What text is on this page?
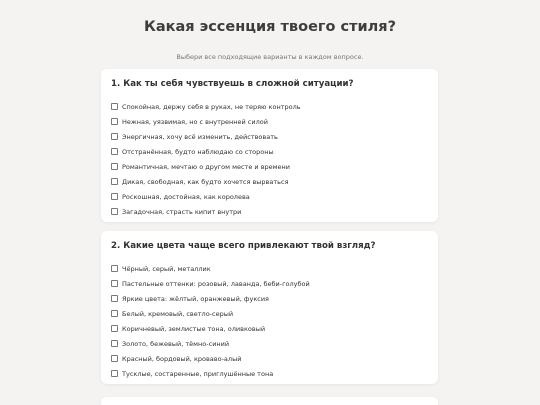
Какая эссенция твоего стиля?
Выбери все подходящие варианты в каждом вопросе.
1. Как ты себя чувствуешь в сложной ситуации?
Спокойная, держу себя в руках, не теряю контроль
Нежная, уязвимая, но с внутренней силой
Энергичная, хочу всё изменить, действовать
Отстранённая, будто наблюдаю со стороны
Романтичная, мечтаю о другом месте и времени
Дикая, свободная, как будто хочется вырваться
Роскошная, достойная, как королева
Загадочная, страсть кипит внутри
2. Какие цвета чаще всего привлекают твой взгляд?
Чёрный, серый, металлик
Пастельные оттенки: розовый, лаванда, беби-голубой
Яркие цвета: жёлтый, оранжевый, фуксия
Белый, кремовый, светло-серый
Коричневый, землистые тона, оливковый
Золото, бежевый, тёмно-синий
Красный, бордовый, кроваво-алый
Тусклые, состаренные, приглушённые тона
